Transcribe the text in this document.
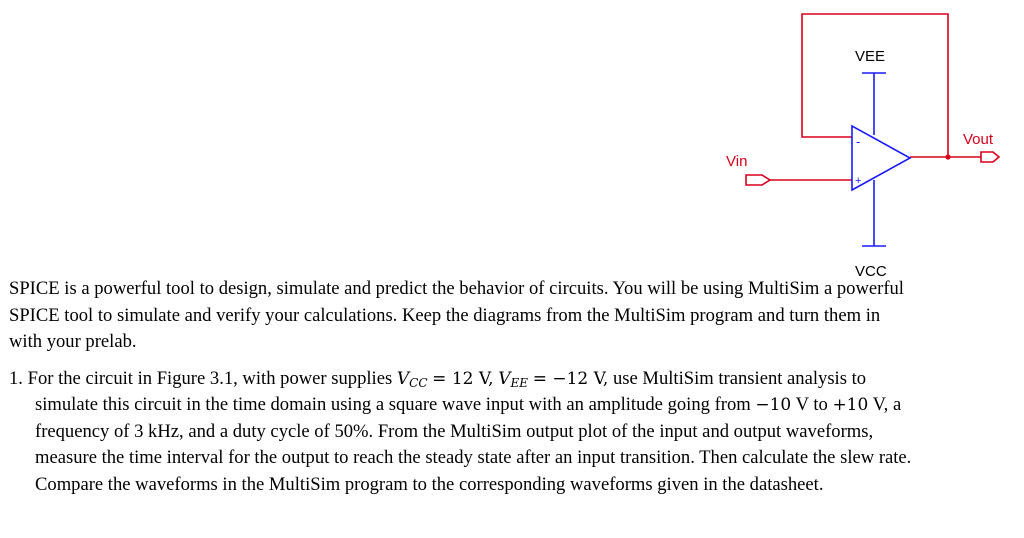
-
+
VEE
VCC
Vin
Vout

SPICE is a powerful tool to design, simulate and predict the behavior of circuits. You will be using MultiSim a powerful SPICE tool to simulate and verify your calculations. Keep the diagrams from the MultiSim program and turn them in with your prelab.

1. For the circuit in Figure 3.1, with power supplies $V_{CC} = 12$ V, $V_{EE} = -12$ V, use MultiSim transient analysis to simulate this circuit in the time domain using a square wave input with an amplitude going from −10 V to +10 V, a frequency of 3 kHz, and a duty cycle of 50%. From the MultiSim output plot of the input and output waveforms, measure the time interval for the output to reach the steady state after an input transition. Then calculate the slew rate. Compare the waveforms in the MultiSim program to the corresponding waveforms given in the datasheet.
